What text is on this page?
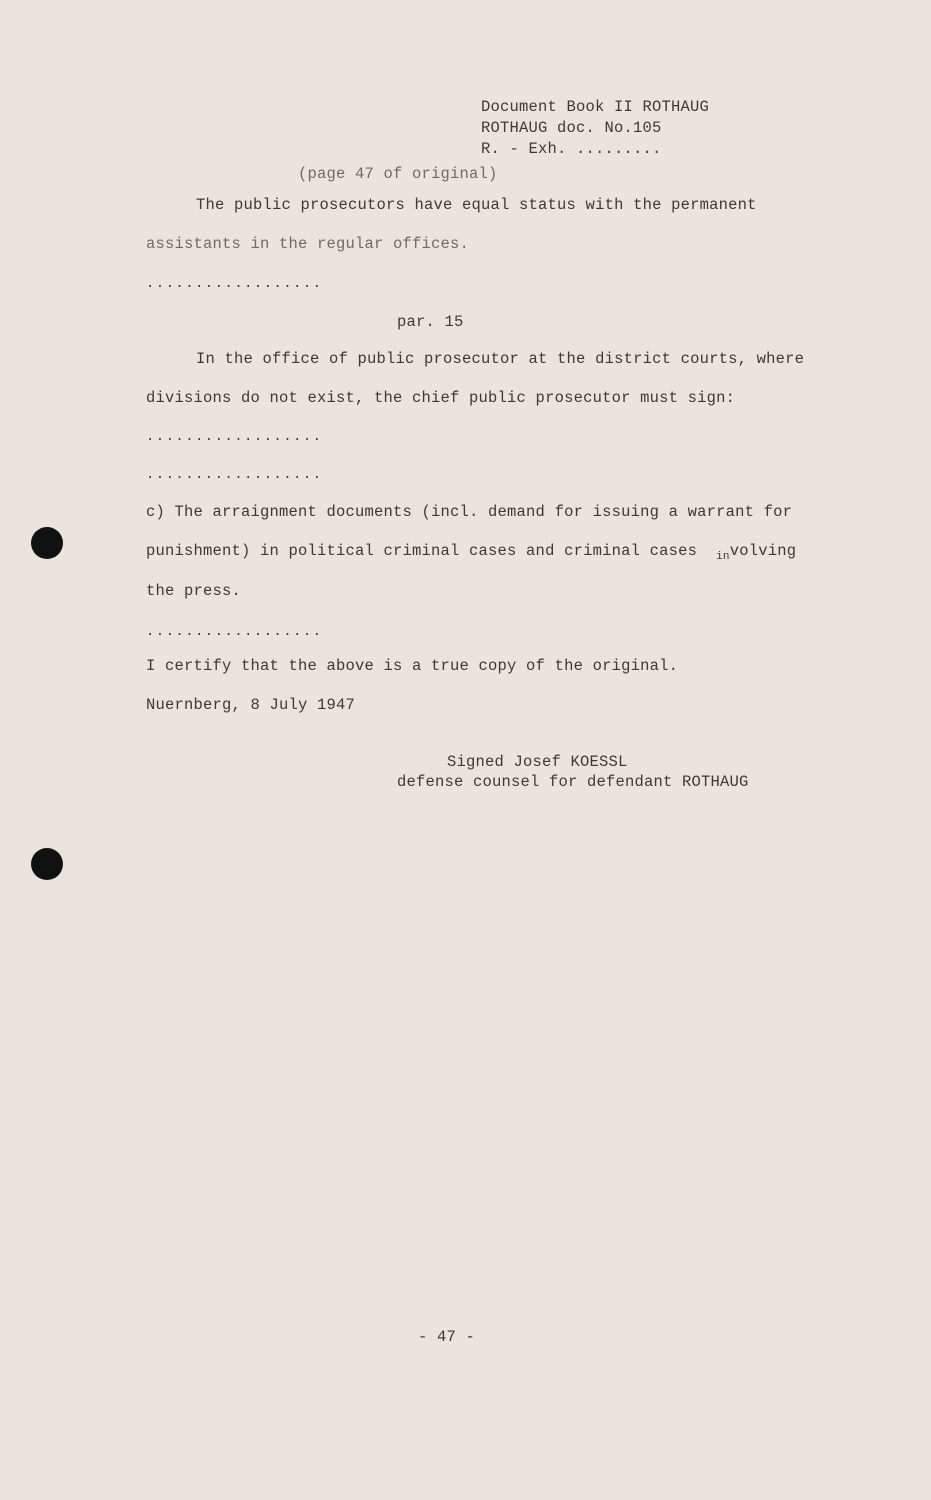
Document Book II ROTHAUG
ROTHAUG doc. No.105
R. - Exh. .........
(page 47 of original)
The public prosecutors have equal status with the permanent
assistants in the regular offices.
..................
par. 15
In the office of public prosecutor at the district courts, where
divisions do not exist, the chief public prosecutor must sign:
..................
..................
c) The arraignment documents (incl. demand for issuing a warrant for
punishment) in political criminal cases and criminal cases  $_{in}$volving
the press.
..................
I certify that the above is a true copy of the original.
Nuernberg, 8 July 1947
Signed Josef KOESSL
defense counsel for defendant ROTHAUG
- 47 -
